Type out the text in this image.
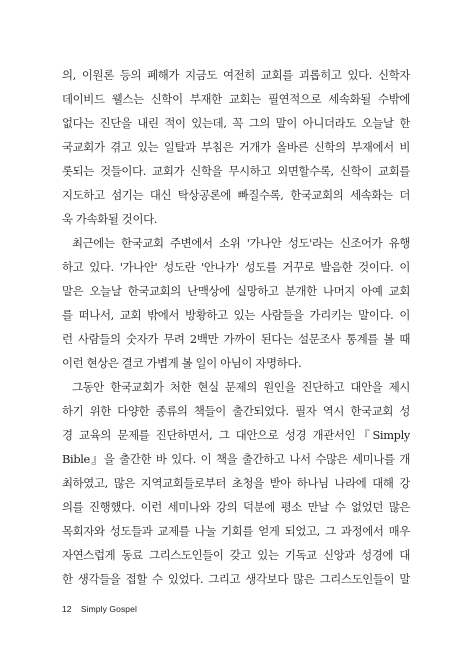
의, 이원론 등의 폐해가 지금도 여전히 교회를 괴롭히고 있다. 신학자
데이비드 웰스는 신학이 부재한 교회는 필연적으로 세속화될 수밖에
없다는 진단을 내린 적이 있는데, 꼭 그의 말이 아니더라도 오늘날 한
국교회가 겪고 있는 일탈과 부침은 거개가 올바른 신학의 부재에서 비
롯되는 것들이다. 교회가 신학을 무시하고 외면할수록, 신학이 교회를
지도하고 섬기는 대신 탁상공론에 빠질수록, 한국교회의 세속화는 더
욱 가속화될 것이다.
최근에는 한국교회 주변에서 소위 '가나안 성도'라는 신조어가 유행
하고 있다. '가나안' 성도란 '안나가' 성도를 거꾸로 발음한 것이다. 이
말은 오늘날 한국교회의 난맥상에 실망하고 분개한 나머지 아예 교회
를 떠나서, 교회 밖에서 방황하고 있는 사람들을 가리키는 말이다. 이
런 사람들의 숫자가 무려 2백만 가까이 된다는 설문조사 통계를 볼 때
이런 현상은 결코 가볍게 볼 일이 아님이 자명하다.
그동안 한국교회가 처한 현실 문제의 원인을 진단하고 대안을 제시
하기 위한 다양한 종류의 책들이 출간되었다. 필자 역시 한국교회 성
경 교육의 문제를 진단하면서, 그 대안으로 성경 개관서인『Simply
Bible』을 출간한 바 있다. 이 책을 출간하고 나서 수많은 세미나를 개
최하였고, 많은 지역교회들로부터 초청을 받아 하나님 나라에 대해 강
의를 진행했다. 이런 세미나와 강의 덕분에 평소 만날 수 없었던 많은
목회자와 성도들과 교제를 나눌 기회를 얻게 되었고, 그 과정에서 매우
자연스럽게 동료 그리스도인들이 갖고 있는 기독교 신앙과 성경에 대
한 생각들을 접할 수 있었다. 그리고 생각보다 많은 그리스도인들이 말
12 Simply Gospel
